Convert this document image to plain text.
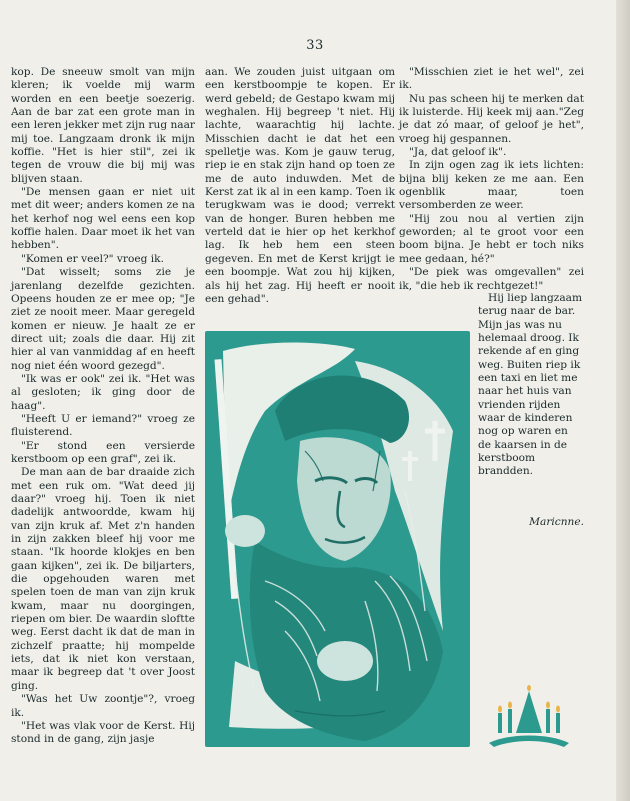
33

kop. De sneeuw smolt van mijn kleren; ik voelde mij warm worden en een beetje soezerig. Aan de bar zat een grote man in een leren jekker met zijn rug naar mij toe. Langzaam dronk ik mijn koffie. "Het is hier stil", zei ik tegen de vrouw die bij mij was blijven staan.

"De mensen gaan er niet uit met dit weer; anders komen ze na het kerhof nog wel eens een kop koffie halen. Daar moet ik het van hebben".

"Komen er veel?" vroeg ik.

"Dat wisselt; soms zie je jarenlang dezelfde gezichten. Opeens houden ze er mee op; "Je ziet ze nooit meer. Maar geregeld komen er nieuw. Je haalt ze er direct uit; zoals die daar. Hij zit hier al van vanmiddag af en heeft nog niet één woord gezegd".

"Ik was er ook" zei ik. "Het was al gesloten; ik ging door de haag".

"Heeft U er iemand?" vroeg ze fluisterend.

"Er stond een versierde kerstboom op een graf", zei ik.

De man aan de bar draaide zich met een ruk om. "Wat deed jij daar?" vroeg hij. Toen ik niet dadelijk antwoordde, kwam hij van zijn kruk af. Met z'n handen in zijn zakken bleef hij voor me staan. "Ik hoorde klokjes en ben gaan kijken", zei ik. De biljarters, die opgehouden waren met spelen toen de man van zijn kruk kwam, maar nu doorgingen, riepen om bier. De waardin sloftte weg. Eerst dacht ik dat de man in zichzelf praatte; hij mompelde iets, dat ik niet kon verstaan, maar ik begreep dat 't over Joost ging.

"Was het Uw zoontje"?, vroeg ik.

"Het was vlak voor de Kerst. Hij stond in de gang, zijn jasje

aan. We zouden juist uitgaan om een kerstboompje te kopen. Er werd gebeld; de Gestapo kwam mij weghalen. Hij begreep 't niet. Hij lachte, waarachtig hij lachte. Misschien dacht ie dat het een spelletje was. Kom je gauw terug, riep ie en stak zijn hand op toen ze me de auto induwden. Met de Kerst zat ik al in een kamp. Toen ik terugkwam was ie dood; verrekt van de honger. Buren hebben me verteld dat ie hier op het kerkhof lag. Ik heb hem een steen gegeven. En met de Kerst krijgt ie een boompje. Wat zou hij kijken, als hij het zag. Hij heeft er nooit een gehad".

"Misschien ziet ie het wel", zei ik.

Nu pas scheen hij te merken dat ik luisterde. Hij keek mij aan."Zeg je dat zó maar, of geloof je het", vroeg hij gespannen.

"Ja, dat geloof ik".

In zijn ogen zag ik iets lichten: bijna blij keken ze me aan. Een ogenblik maar, toen versomberden ze weer.

"Hij zou nou al vertien zijn geworden; al te groot voor een boom bijna. Je hebt er toch niks mee gedaan, hé?"

"De piek was omgevallen" zei ik, "die heb ik rechtgezet!"

Hij liep langzaam terug naar de bar. Mijn jas was nu helemaal droog. Ik rekende af en ging weg. Buiten riep ik een taxi en liet me naar het huis van vrienden rijden waar de kinderen nog op waren en de kaarsen in de kerstboom brandden.

Maricnne.
